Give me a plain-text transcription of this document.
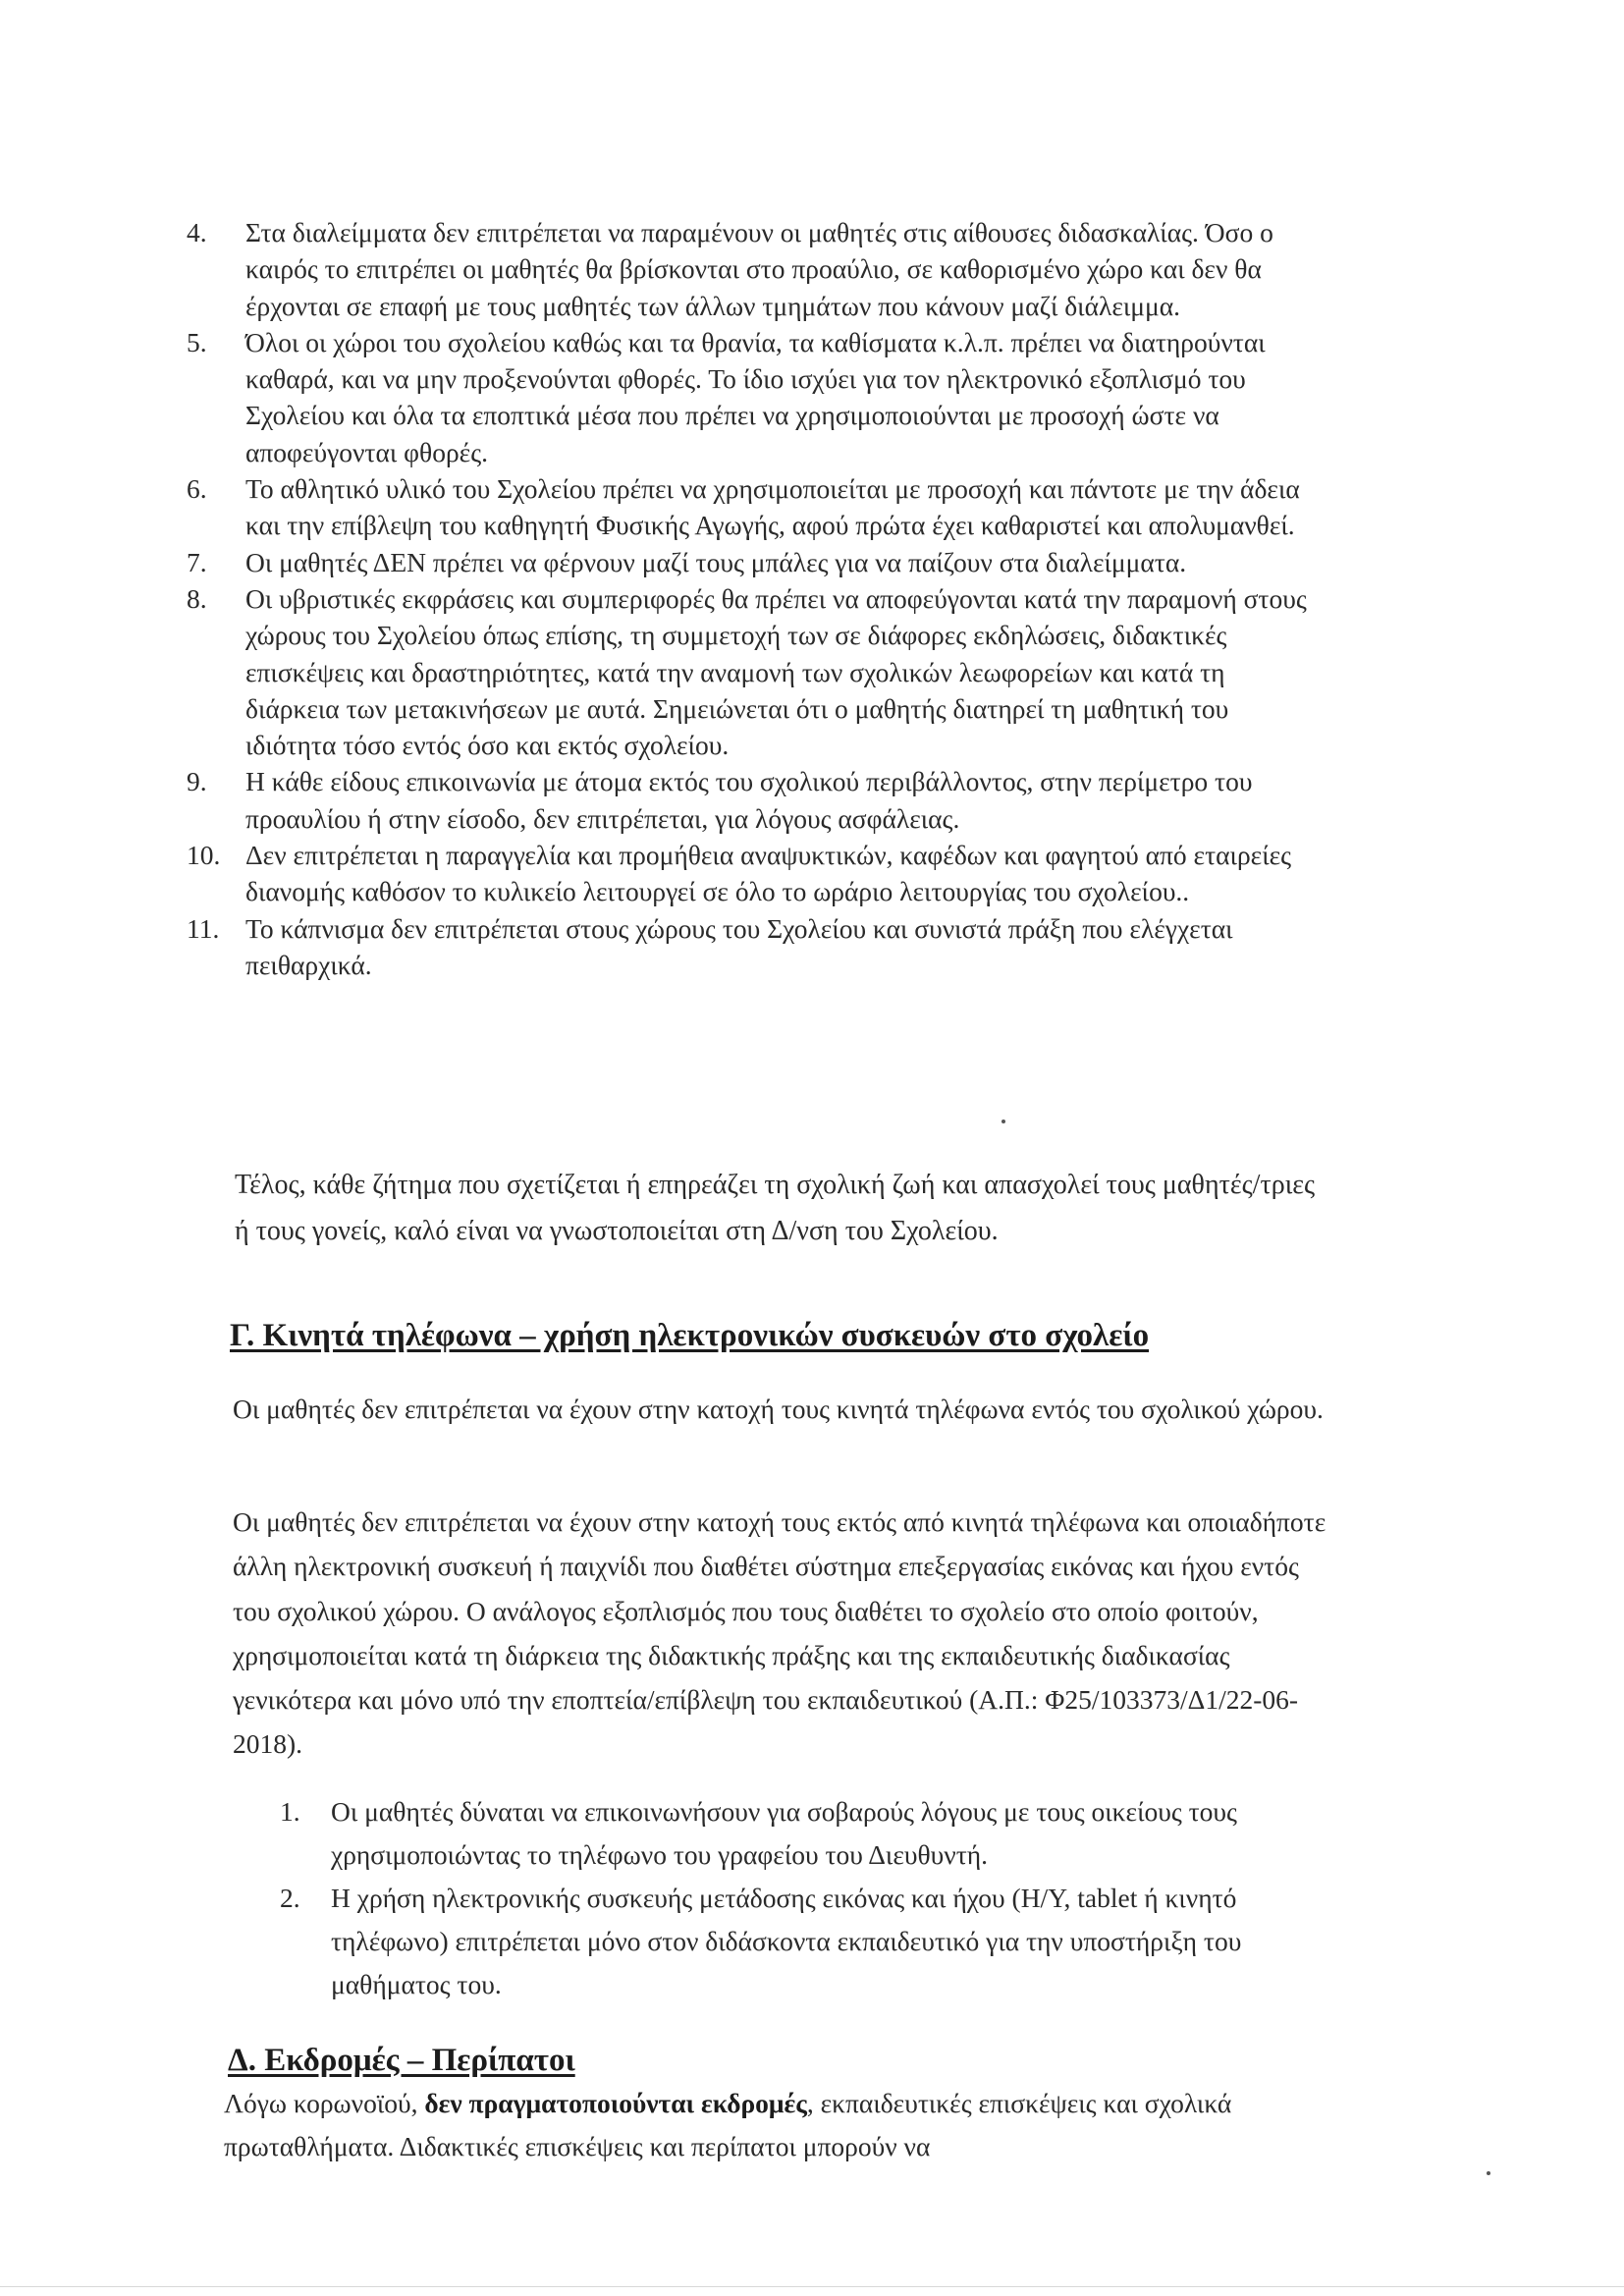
4. Στα διαλείμματα δεν επιτρέπεται να παραμένουν οι μαθητές στις αίθουσες διδασκαλίας. Όσο ο καιρός το επιτρέπει οι μαθητές θα βρίσκονται στο προαύλιο, σε καθορισμένο χώρο και δεν θα έρχονται σε επαφή με τους μαθητές των άλλων τμημάτων που κάνουν μαζί διάλειμμα.
5. Όλοι οι χώροι του σχολείου καθώς και τα θρανία, τα καθίσματα κ.λ.π. πρέπει να διατηρούνται καθαρά, και να μην προξενούνται φθορές. Το ίδιο ισχύει για τον ηλεκτρονικό εξοπλισμό του Σχολείου και όλα τα εποπτικά μέσα που πρέπει να χρησιμοποιούνται με προσοχή ώστε να αποφεύγονται φθορές.
6. Το αθλητικό υλικό του Σχολείου πρέπει να χρησιμοποιείται με προσοχή και πάντοτε με την άδεια και την επίβλεψη του καθηγητή Φυσικής Αγωγής, αφού πρώτα έχει καθαριστεί και απολυμανθεί.
7. Οι μαθητές ΔΕΝ πρέπει να φέρνουν μαζί τους μπάλες για να παίζουν στα διαλείμματα.
8. Οι υβριστικές εκφράσεις και συμπεριφορές θα πρέπει να αποφεύγονται κατά την παραμονή στους χώρους του Σχολείου όπως επίσης, τη συμμετοχή των σε διάφορες εκδηλώσεις, διδακτικές επισκέψεις και δραστηριότητες, κατά την αναμονή των σχολικών λεωφορείων και κατά τη διάρκεια των μετακινήσεων με αυτά. Σημειώνεται ότι ο μαθητής διατηρεί τη μαθητική του ιδιότητα τόσο εντός όσο και εκτός σχολείου.
9. Η κάθε είδους επικοινωνία με άτομα εκτός του σχολικού περιβάλλοντος, στην περίμετρο του προαυλίου ή στην είσοδο, δεν επιτρέπεται, για λόγους ασφάλειας.
10. Δεν επιτρέπεται η παραγγελία και προμήθεια αναψυκτικών, καφέδων και φαγητού από εταιρείες διανομής καθόσον το κυλικείο λειτουργεί σε όλο το ωράριο λειτουργίας του σχολείου..
11. Το κάπνισμα δεν επιτρέπεται στους χώρους του Σχολείου και συνιστά πράξη που ελέγχεται πειθαρχικά.

Τέλος, κάθε ζήτημα που σχετίζεται ή επηρεάζει τη σχολική ζωή και απασχολεί τους μαθητές/τριες ή τους γονείς, καλό είναι να γνωστοποιείται στη Δ/νση του Σχολείου.

Γ. Κινητά τηλέφωνα – χρήση ηλεκτρονικών συσκευών στο σχολείο

Οι μαθητές δεν επιτρέπεται να έχουν στην κατοχή τους κινητά τηλέφωνα εντός του σχολικού χώρου.

Οι μαθητές δεν επιτρέπεται να έχουν στην κατοχή τους εκτός από κινητά τηλέφωνα και οποιαδήποτε άλλη ηλεκτρονική συσκευή ή παιχνίδι που διαθέτει σύστημα επεξεργασίας εικόνας και ήχου εντός του σχολικού χώρου. Ο ανάλογος εξοπλισμός που τους διαθέτει το σχολείο στο οποίο φοιτούν, χρησιμοποιείται κατά τη διάρκεια της διδακτικής πράξης και της εκπαιδευτικής διαδικασίας γενικότερα και μόνο υπό την εποπτεία/επίβλεψη του εκπαιδευτικού (Α.Π.: Φ25/103373/Δ1/22-06-2018).

1. Οι μαθητές δύναται να επικοινωνήσουν για σοβαρούς λόγους με τους οικείους τους χρησιμοποιώντας το τηλέφωνο του γραφείου του Διευθυντή.
2. Η χρήση ηλεκτρονικής συσκευής μετάδοσης εικόνας και ήχου (Η/Υ, tablet ή κινητό τηλέφωνο) επιτρέπεται μόνο στον διδάσκοντα εκπαιδευτικό για την υποστήριξη του μαθήματος του.
Δ. Εκδρομές – Περίπατοι

Λόγω κορωνοϊού, δεν πραγματοποιούνται εκδρομές, εκπαιδευτικές επισκέψεις και σχολικά πρωταθλήματα. Διδακτικές επισκέψεις και περίπατοι μπορούν να
